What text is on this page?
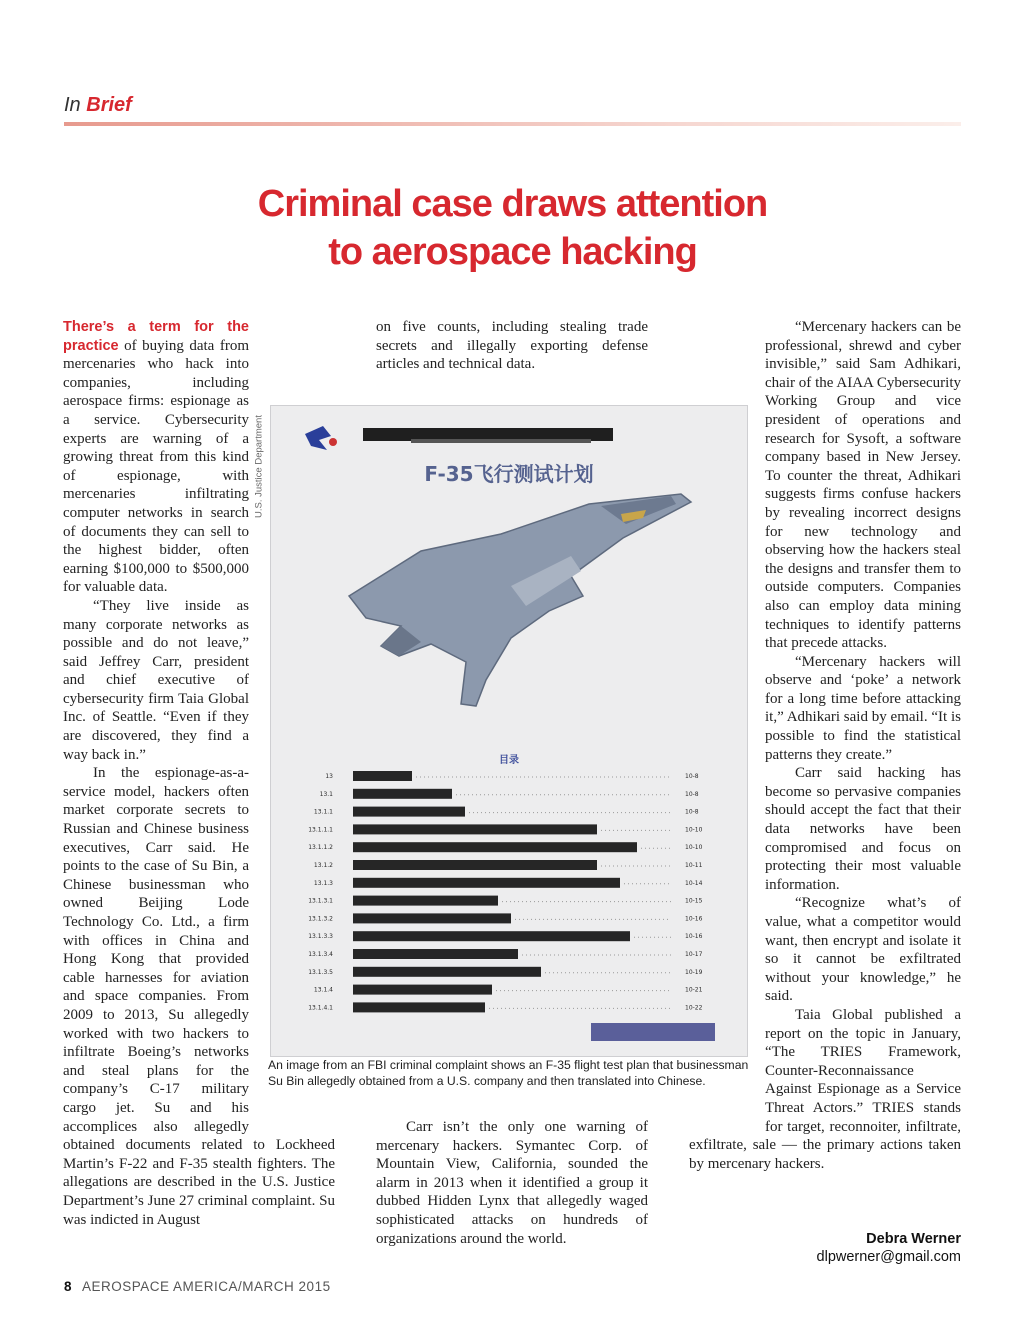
In Brief
Criminal case draws attention
to aerospace hacking

There’s a term for the practice of buying data from mercenaries who hack into companies, including aerospace firms: espionage as a service. Cybersecurity experts are warning of a growing threat from this kind of espionage, with mercenaries infiltrating computer networks in search of documents they can sell to the highest bidder, often earning $100,000 to $500,000 for valuable data.

“They live inside as many corporate networks as possible and do not leave,” said Jeffrey Carr, president and chief executive of cybersecurity firm Taia Global Inc. of Seattle. “Even if they are discovered, they find a way back in.”

In the espionage-as-a-service model, hackers often market corporate secrets to Russian and Chinese business executives, Carr said. He points to the case of Su Bin, a Chinese businessman who owned Beijing Lode Technology Co. Ltd., a firm with offices in China and Hong Kong that provided cable harnesses for aviation and space companies. From 2009 to 2013, Su allegedly worked with two hackers to infiltrate Boeing’s networks and steal plans for the company’s C-17 military cargo jet. Su and his accomplices also allegedly obtained documents related to Lockheed Martin’s F-22 and F-35 stealth fighters. The allegations are described in the U.S. Justice Department’s June 27 criminal complaint. Su was indicted in August

on five counts, including stealing trade secrets and illegally exporting defense articles and technical data.

Carr isn’t the only one warning of mercenary hackers. Symantec Corp. of Mountain View, California, sounded the alarm in 2013 when it identified a group it dubbed Hidden Lynx that allegedly waged sophisticated attacks on hundreds of organizations around the world.

“Mercenary hackers can be professional, shrewd and cyber invisible,” said Sam Adhikari, chair of the AIAA Cybersecurity Working Group and vice president of operations and research for Sysoft, a software company based in New Jersey. To counter the threat, Adhikari suggests firms confuse hackers by revealing incorrect designs for new technology and observing how the hackers steal the designs and transfer them to outside computers. Companies also can employ data mining techniques to identify patterns that precede attacks.

“Mercenary hackers will observe and ‘poke’ a network for a long time before attacking it,” Adhikari said by email. “It is possible to find the statistical patterns they create.”

Carr said hacking has become so pervasive companies should accept the fact that their data networks have been compromised and focus on protecting their most valuable information.

“Recognize what’s of value, what a competitor would want, then encrypt and isolate it so it cannot be exfiltrated without your knowledge,” he said.

Taia Global published a report on the topic in January, “The TRIES Framework, Counter-Reconnaissance Against Espionage as a Service Threat Actors.” TRIES stands for target, reconnoiter, infiltrate, exfiltrate, sale — the primary actions taken by mercenary hackers.

U.S. Justice Department	F-35飞行测试计划
目录
13	10-8
13.1	10-8
13.1.1	10-8
13.1.1.1	10-10
13.1.1.2	10-10
13.1.2	10-11
13.1.3	10-14
13.1.3.1	10-15
13.1.3.2	10-16
13.1.3.3	10-16
13.1.3.4	10-17
13.1.3.5	10-19
13.1.4	10-21
13.1.4.1	10-22
An image from an FBI criminal complaint shows an F-35 flight test plan that businessman Su Bin allegedly obtained from a U.S. company and then translated into Chinese.
Debra Werner
dlpwerner@gmail.com
8 AEROSPACE AMERICA/MARCH 2015
